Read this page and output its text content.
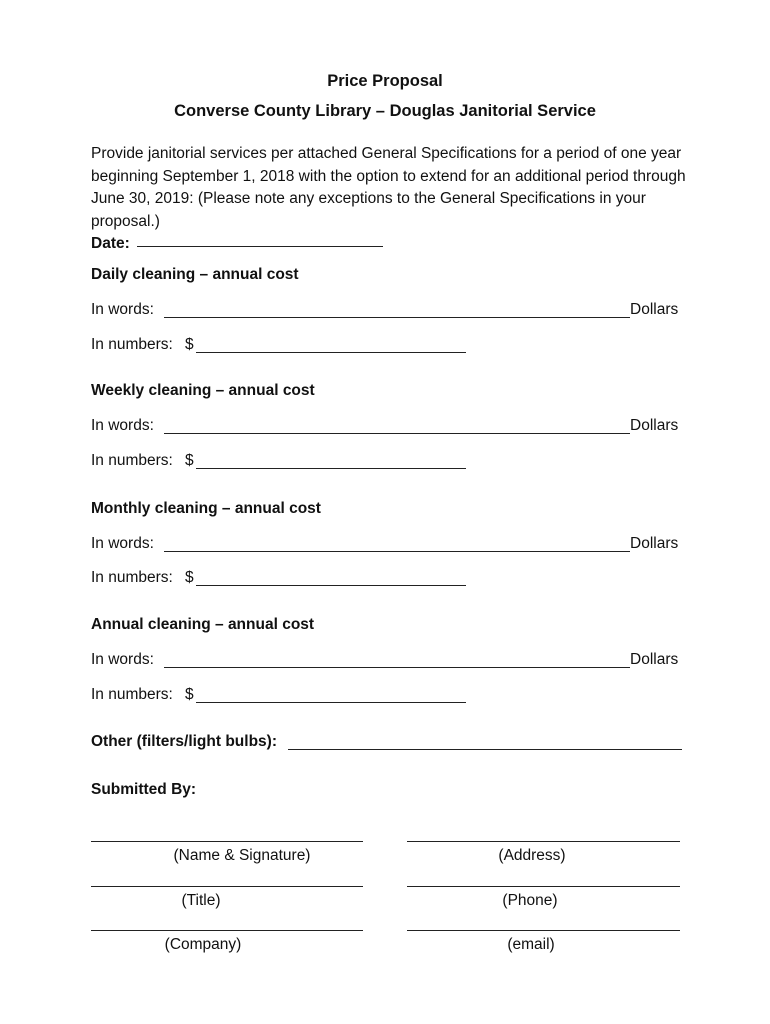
Price Proposal
Converse County Library – Douglas Janitorial Service
Provide janitorial services per attached General Specifications for a period of one year beginning September 1, 2018 with the option to extend for an additional period through June 30, 2019: (Please note any exceptions to the General Specifications in your proposal.)
Date:
Daily cleaning – annual cost
In words:	Dollars
In numbers: $
Weekly cleaning – annual cost
In words:	Dollars
In numbers: $
Monthly cleaning – annual cost
In words:	Dollars
In numbers: $
Annual cleaning – annual cost
In words:	Dollars
In numbers: $
Other (filters/light bulbs):
Submitted By:
(Name & Signature)	(Address)
(Title)	(Phone)
(Company)	(email)
